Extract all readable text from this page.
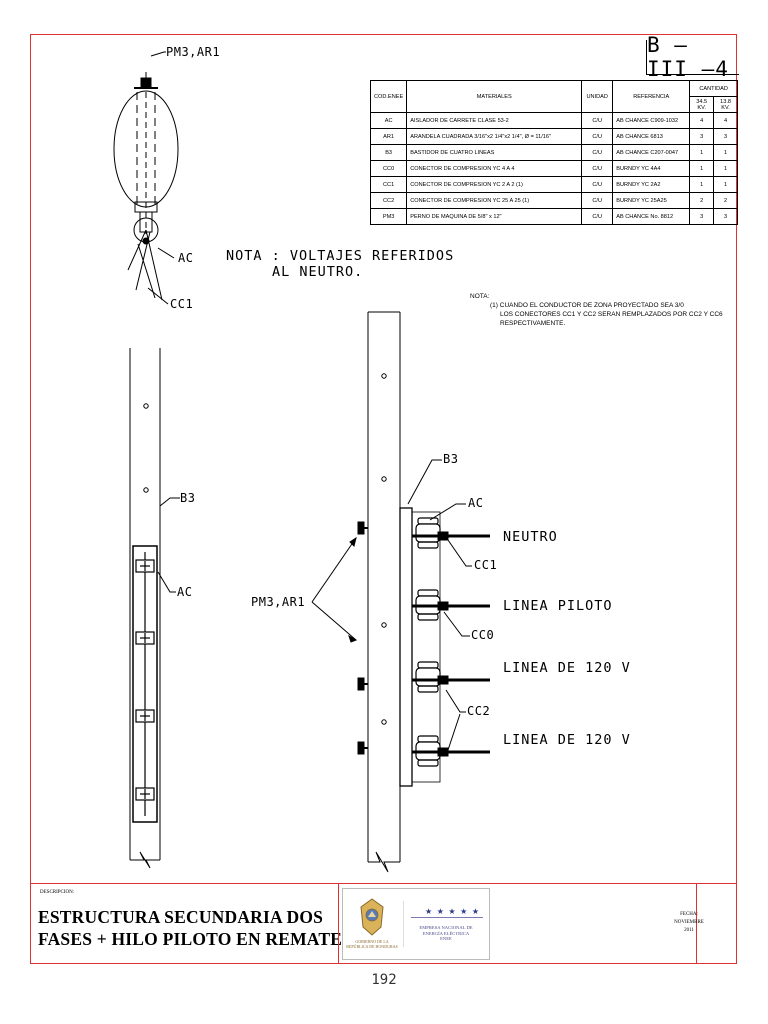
B – III –4
COD.ENEE	MATERIALES	UNIDAD	REFERENCIA	CANTIDAD	
				34.5 KV.	13.8 KV.
AC	AISLADOR DE CARRETE CLASE 53-2	C/U	AB CHANCE C909-1032	4	4
AR1	ARANDELA CUADRADA 3/16"x2 1/4"x2 1/4", Ø = 11/16"	C/U	AB CHANCE 6813	3	3
B3	BASTIDOR DE CUATRO LINEAS	C/U	AB CHANCE C207-0047	1	1
CC0	CONECTOR DE COMPRESION YC 4 A 4	C/U	BURNDY YC 4A4	1	1
CC1	CONECTOR DE COMPRESION YC 2 A 2 (1)	C/U	BURNDY YC 2A2	1	1
CC2	CONECTOR DE COMPRESION YC 25 A 25 (1)	C/U	BURNDY YC 25A25	2	2
PM3	PERNO DE MAQUINA DE 5/8" x 12"	C/U	AB CHANCE No. 8812	3	3
PM3,AR1
AC
CC1
NOTA : VOLTAJES REFERIDOS
AL NEUTRO.
NOTA:
(1) CUANDO EL CONDUCTOR DE ZONA PROYECTADO SEA 3/0
LOS CONECTORES CC1 Y CC2 SERAN REMPLAZADOS POR CC2 Y CC6
RESPECTIVAMENTE.
B3
AC
PM3,AR1
B3
AC
CC1
CC0
CC2
NEUTRO
LINEA PILOTO
LINEA DE 120 V
LINEA DE 120 V
DESCRIPCION:
ESTRUCTURA SECUNDARIA DOS
FASES + HILO PILOTO EN REMATE	GOBIERNO DE LA
REPÚBLICA DE HONDURAS
★ ★ ★ ★ ★
EMPRESA NACIONAL DE
ENERGÍA ELÉCTRICA
ENEE
FECHA:
NOVIEMBRE
2011
192
